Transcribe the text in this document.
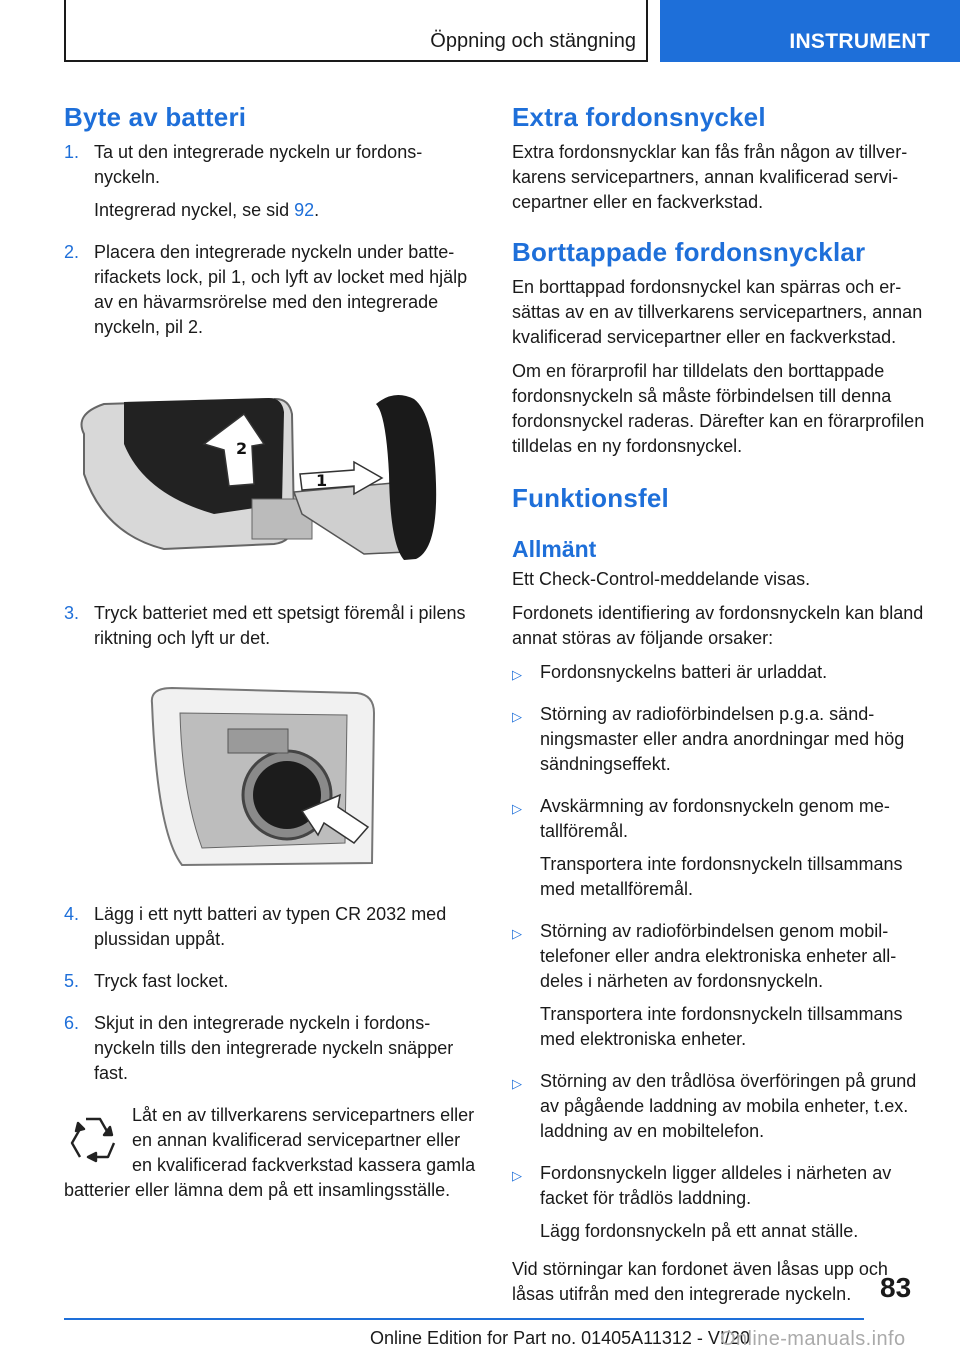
Öppning och stängning	INSTRUMENT
Byte av batteri
1. Ta ut den integrerade nyckeln ur fordonsnyckeln.

Integrerad nyckel, se sid 92.

2. Placera den integrerade nyckeln under batterifackets lock, pil 1, och lyft av locket med hjälp av en hävarmsrörelse med den integrerade nyckeln, pil 2.

2
1
3. Tryck batteriet med ett spetsigt föremål i pilens riktning och lyft ur det.

4. Lägg i ett nytt batteri av typen CR 2032 med plussidan uppåt.

5. Tryck fast locket.

6. Skjut in den integrerade nyckeln i fordonsnyckeln tills den integrerade nyckeln snäpper fast.

Låt en av tillverkarens servicepartners eller en annan kvalificerad servicepartner eller en kvalificerad fackverkstad kassera gamla batterier eller lämna dem på ett insamlingsställe.

Extra fordonsnyckel

Extra fordonsnycklar kan fås från någon av tillverkarens servicepartners, annan kvalificerad servicepartner eller en fackverkstad.

Borttappade fordonsnycklar

En borttappad fordonsnyckel kan spärras och ersättas av en av tillverkarens servicepartners, annan kvalificerad servicepartner eller en fackverkstad.

Om en förarprofil har tilldelats den borttappade fordonsnyckeln så måste förbindelsen till denna fordonsnyckel raderas. Därefter kan en förarprofilen tilldelas en ny fordonsnyckel.

Funktionsfel
Allmänt

Ett Check-Control-meddelande visas.

Fordonets identifiering av fordonsnyckeln kan bland annat störas av följande orsaker:

▷	Fordonsnyckelns batteri är urladdat.

▷	Störning av radioförbindelsen p.g.a. sändningsmaster eller andra anordningar med hög sändningseffekt.

▷	Avskärmning av fordonsnyckeln genom metallföremål.

Transportera inte fordonsnyckeln tillsammans med metallföremål.

▷	Störning av radioförbindelsen genom mobiltelefoner eller andra elektroniska enheter alldeles i närheten av fordonsnyckeln.

Transportera inte fordonsnyckeln tillsammans med elektroniska enheter.

▷	Störning av den trådlösa överföringen på grund av pågående laddning av mobila enheter, t.ex. laddning av en mobiltelefon.

▷	Fordonsnyckeln ligger alldeles i närheten av facket för trådlös laddning.

Lägg fordonsnyckeln på ett annat ställe.

Vid störningar kan fordonet även låsas upp och låsas utifrån med den integrerade nyckeln.	83
Online Edition for Part no. 01405A11312 - VI/20
Online-manuals.info
